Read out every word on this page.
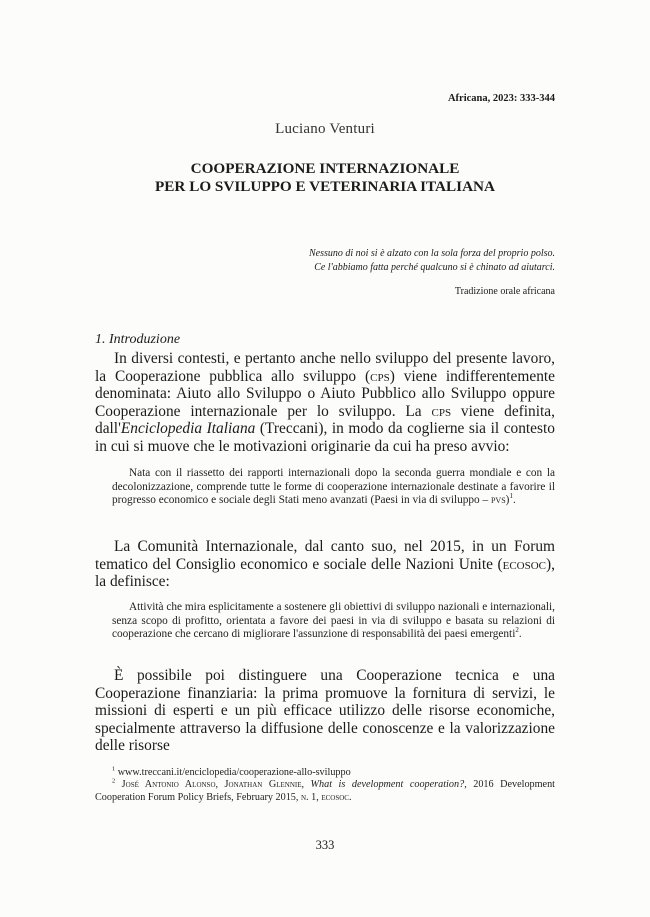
Africana, 2023: 333-344
Luciano Venturi
COOPERAZIONE INTERNAZIONALE
PER LO SVILUPPO E VETERINARIA ITALIANA
Nessuno di noi si è alzato con la sola forza del proprio polso.
Ce l'abbiamo fatta perché qualcuno si è chinato ad aiutarci.
Tradizione orale africana
1. Introduzione

In diversi contesti, e pertanto anche nello sviluppo del presente lavoro, la Cooperazione pubblica allo sviluppo (cps) viene indifferentemente denominata: Aiuto allo Sviluppo o Aiuto Pubblico allo Sviluppo oppure Cooperazione internazionale per lo sviluppo. La cps viene definita, dall'Enciclopedia Italiana (Treccani), in modo da coglierne sia il contesto in cui si muove che le motivazioni originarie da cui ha preso avvio:

Nata con il riassetto dei rapporti internazionali dopo la seconda guerra mondiale e con la decolonizzazione, comprende tutte le forme di cooperazione internazionale destinate a favorire il progresso economico e sociale degli Stati meno avanzati (Paesi in via di sviluppo – pvs)$^1$.

La Comunità Internazionale, dal canto suo, nel 2015, in un Forum tematico del Consiglio economico e sociale delle Nazioni Unite (ecosoc), la definisce:

Attività che mira esplicitamente a sostenere gli obiettivi di sviluppo nazionali e internazionali, senza scopo di profitto, orientata a favore dei paesi in via di sviluppo e basata su relazioni di cooperazione che cercano di migliorare l'assunzione di responsabilità dei paesi emergenti$^2$.

È possibile poi distinguere una Cooperazione tecnica e una Cooperazione finanziaria: la prima promuove la fornitura di servizi, le missioni di esperti e un più efficace utilizzo delle risorse economiche, specialmente attraverso la diffusione delle conoscenze e la valorizzazione delle risorse

$^1$ www.treccani.it/enciclopedia/cooperazione-allo-sviluppo
$^2$ José Antonio Alonso, Jonathan Glennie, What is development cooperation?, 2016 Development Cooperation Forum Policy Briefs, February 2015, n. 1, ecosoc.
333
